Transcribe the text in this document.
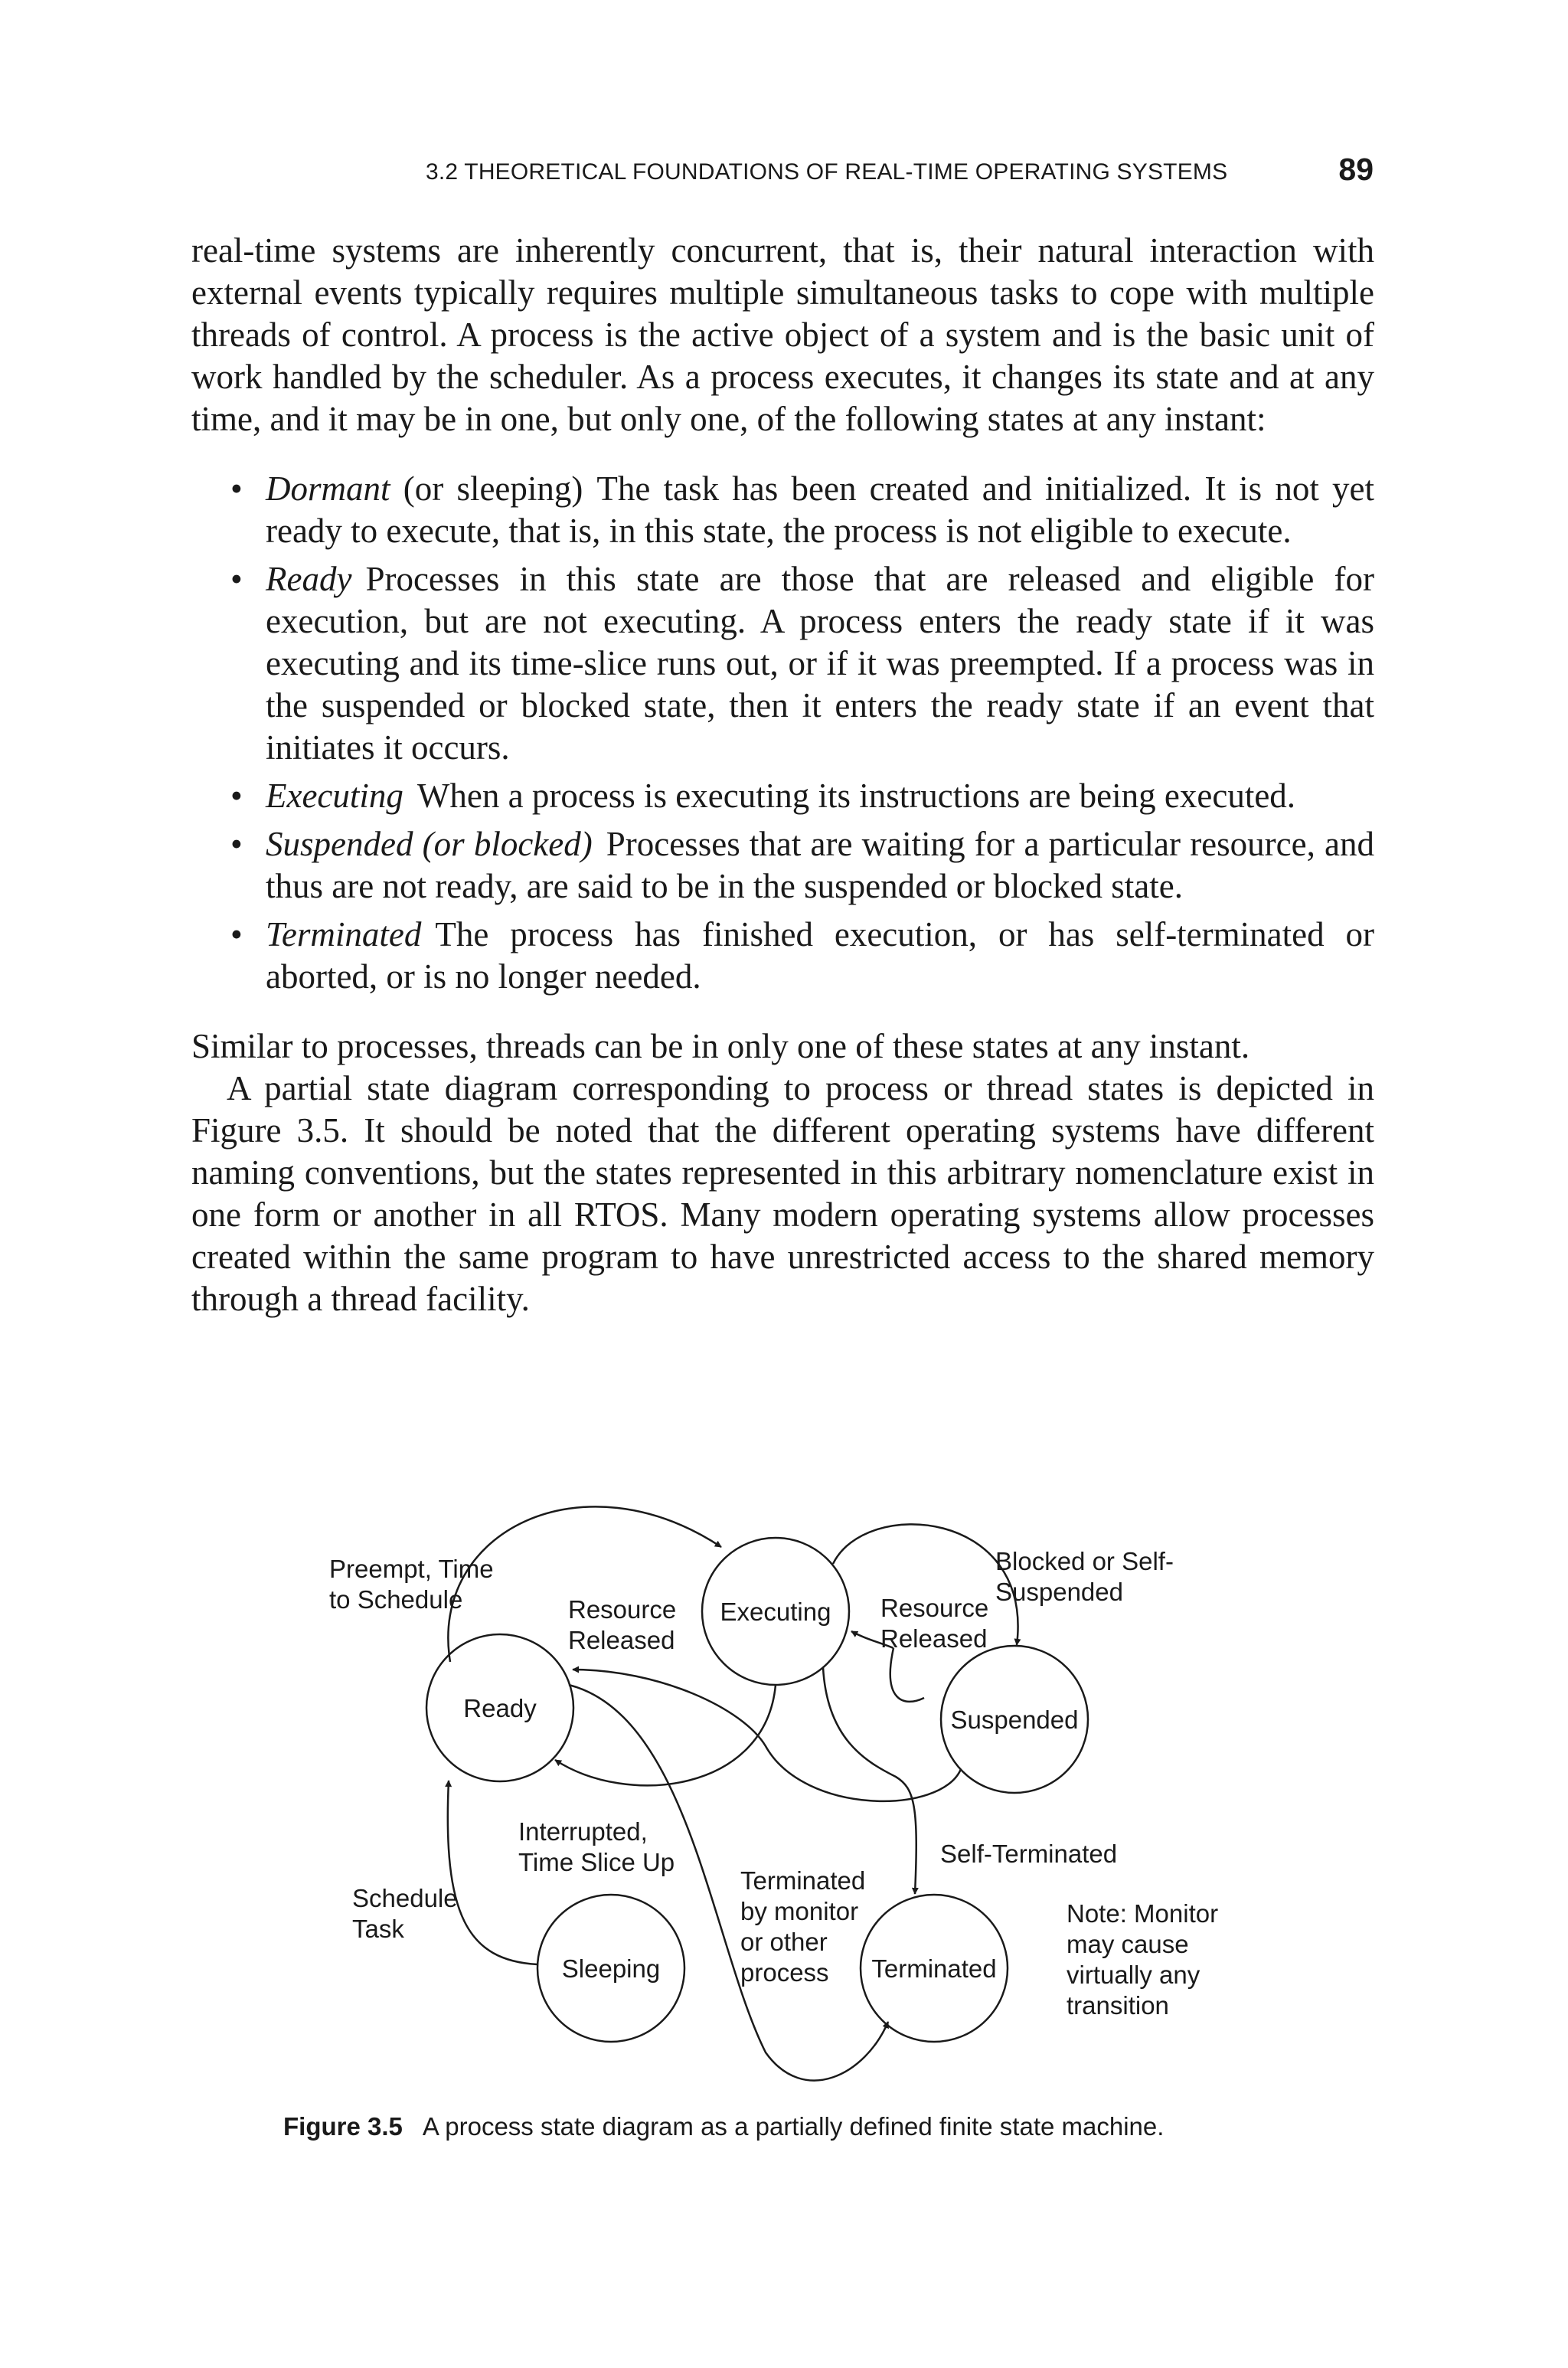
3.2 THEORETICAL FOUNDATIONS OF REAL-TIME OPERATING SYSTEMS	89

real-time systems are inherently concurrent, that is, their natural interaction with external events typically requires multiple simultaneous tasks to cope with multiple threads of control. A process is the active object of a system and is the basic unit of work handled by the scheduler. As a process executes, it changes its state and at any time, and it may be in one, but only one, of the following states at any instant:

• Dormant (or sleeping) The task has been created and initialized. It is not yet ready to execute, that is, in this state, the process is not eligible to execute.
• Ready Processes in this state are those that are released and eligible for execution, but are not executing. A process enters the ready state if it was executing and its time-slice runs out, or if it was preempted. If a process was in the suspended or blocked state, then it enters the ready state if an event that initiates it occurs.
• Executing When a process is executing its instructions are being executed.
• Suspended (or blocked) Processes that are waiting for a particular resource, and thus are not ready, are said to be in the suspended or blocked state.
• Terminated The process has finished execution, or has self-terminated or aborted, or is no longer needed.

Similar to processes, threads can be in only one of these states at any instant.

A partial state diagram corresponding to process or thread states is depicted in Figure 3.5. It should be noted that the different operating systems have different naming conventions, but the states represented in this arbitrary nomenclature exist in one form or another in all RTOS. Many modern operating systems allow processes created within the same program to have unrestricted access to the shared memory through a thread facility.

Executing
Ready	Suspended
Sleeping	Terminated
Preempt, Time
to Schedule
Blocked or Self-
Suspended
Resource
Released
Resource
Released
Interrupted,
Time Slice Up
Schedule
Task
Terminated
by monitor
or other
process
Self-Terminated
Note: Monitor
may cause
virtually any
transition
Figure 3.5 A process state diagram as a partially defined finite state machine.
